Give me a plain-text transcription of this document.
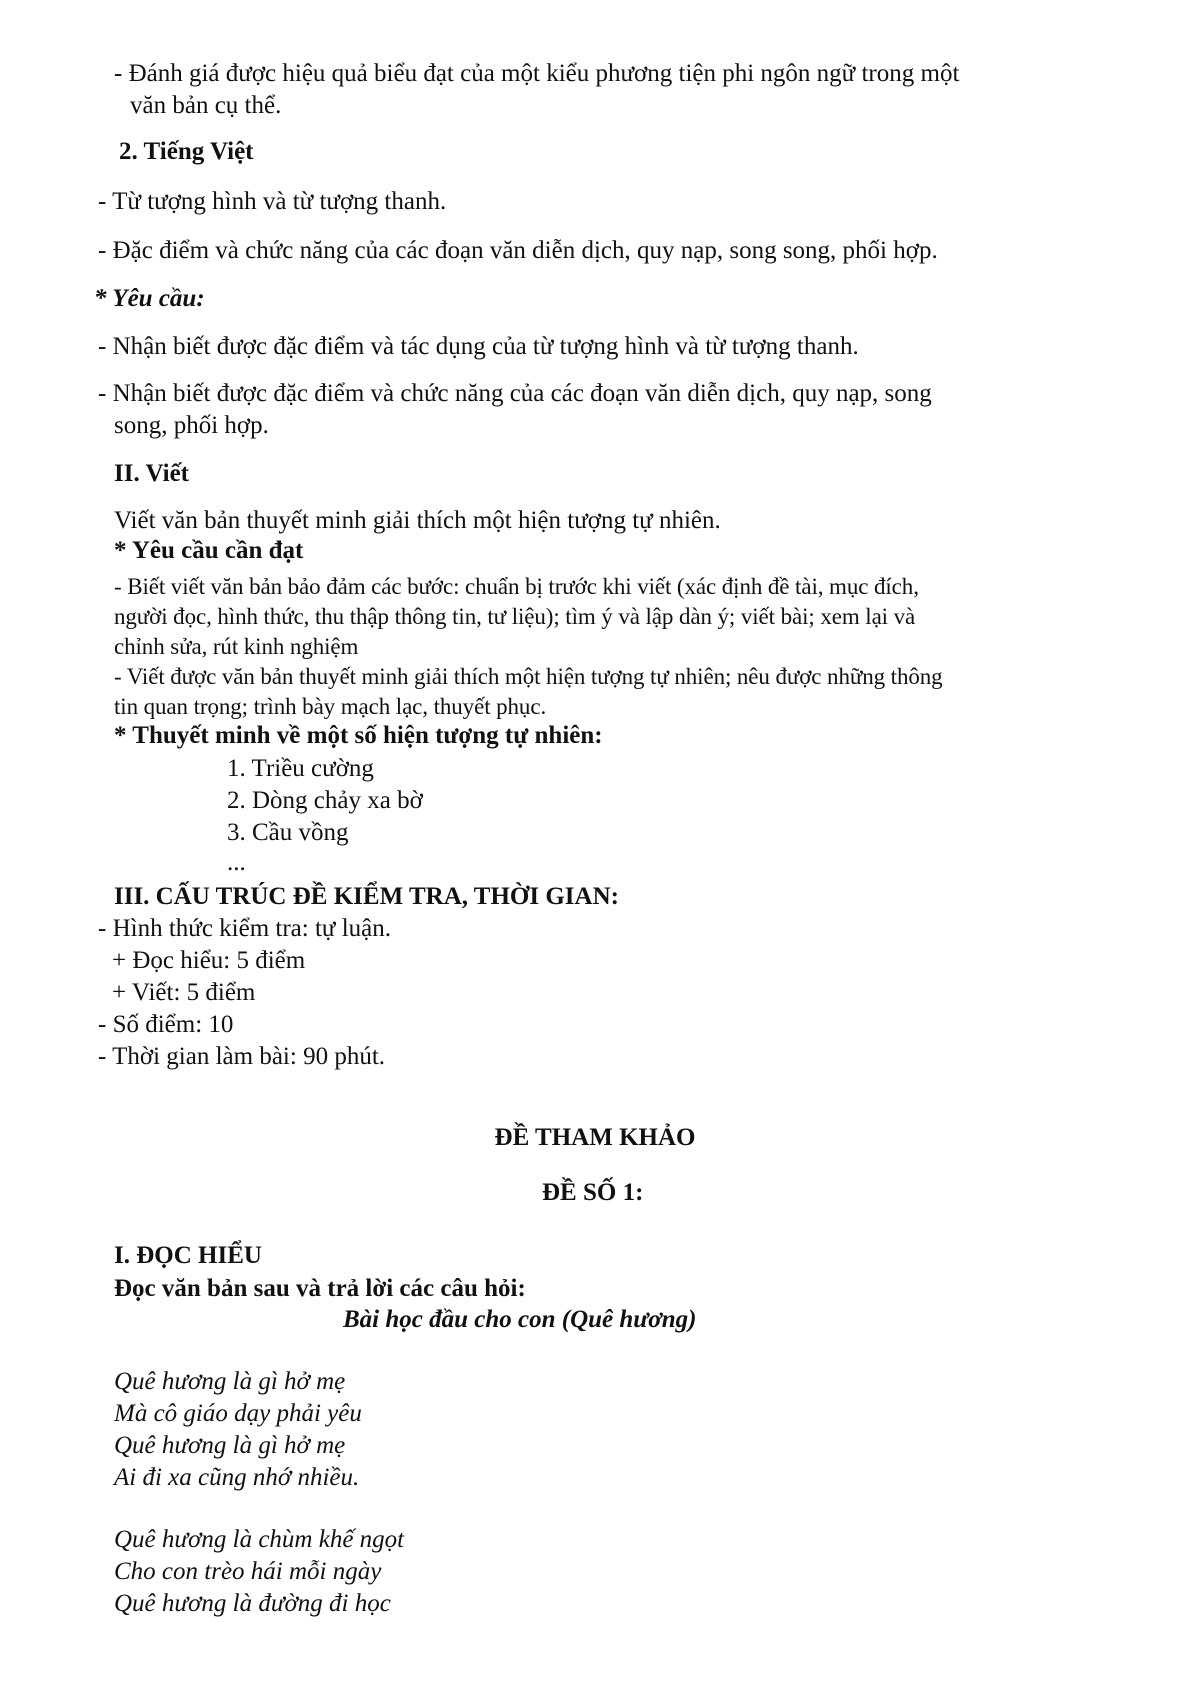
- Đánh giá được hiệu quả biểu đạt của một kiểu phương tiện phi ngôn ngữ trong một
văn bản cụ thể.
2. Tiếng Việt
- Từ tượng hình và từ tượng thanh.
- Đặc điểm và chức năng của các đoạn văn diễn dịch, quy nạp, song song, phối hợp.
* Yêu cầu:
- Nhận biết được đặc điểm và tác dụng của từ tượng hình và từ tượng thanh.
- Nhận biết được đặc điểm và chức năng của các đoạn văn diễn dịch, quy nạp, song
song, phối hợp.
II. Viết
Viết văn bản thuyết minh giải thích một hiện tượng tự nhiên.
* Yêu cầu cần đạt
- Biết viết văn bản bảo đảm các bước: chuẩn bị trước khi viết (xác định đề tài, mục đích,
người đọc, hình thức, thu thập thông tin, tư liệu); tìm ý và lập dàn ý; viết bài; xem lại và
chỉnh sửa, rút kinh nghiệm
- Viết được văn bản thuyết minh giải thích một hiện tượng tự nhiên; nêu được những thông
tin quan trọng; trình bày mạch lạc, thuyết phục.
* Thuyết minh về một số hiện tượng tự nhiên:
1. Triều cường
2. Dòng chảy xa bờ
3. Cầu vồng
...
III. CẤU TRÚC ĐỀ KIỂM TRA, THỜI GIAN:
- Hình thức kiểm tra: tự luận.
+ Đọc hiểu: 5 điểm
+ Viết: 5 điểm
- Số điểm: 10
- Thời gian làm bài: 90 phút.
ĐỀ THAM KHẢO
ĐỀ SỐ 1:
I. ĐỌC HIỂU
Đọc văn bản sau và trả lời các câu hỏi:
Bài học đầu cho con (Quê hương)
Quê hương là gì hở mẹ
Mà cô giáo dạy phải yêu
Quê hương là gì hở mẹ
Ai đi xa cũng nhớ nhiều.
Quê hương là chùm khế ngọt
Cho con trèo hái mỗi ngày
Quê hương là đường đi học
